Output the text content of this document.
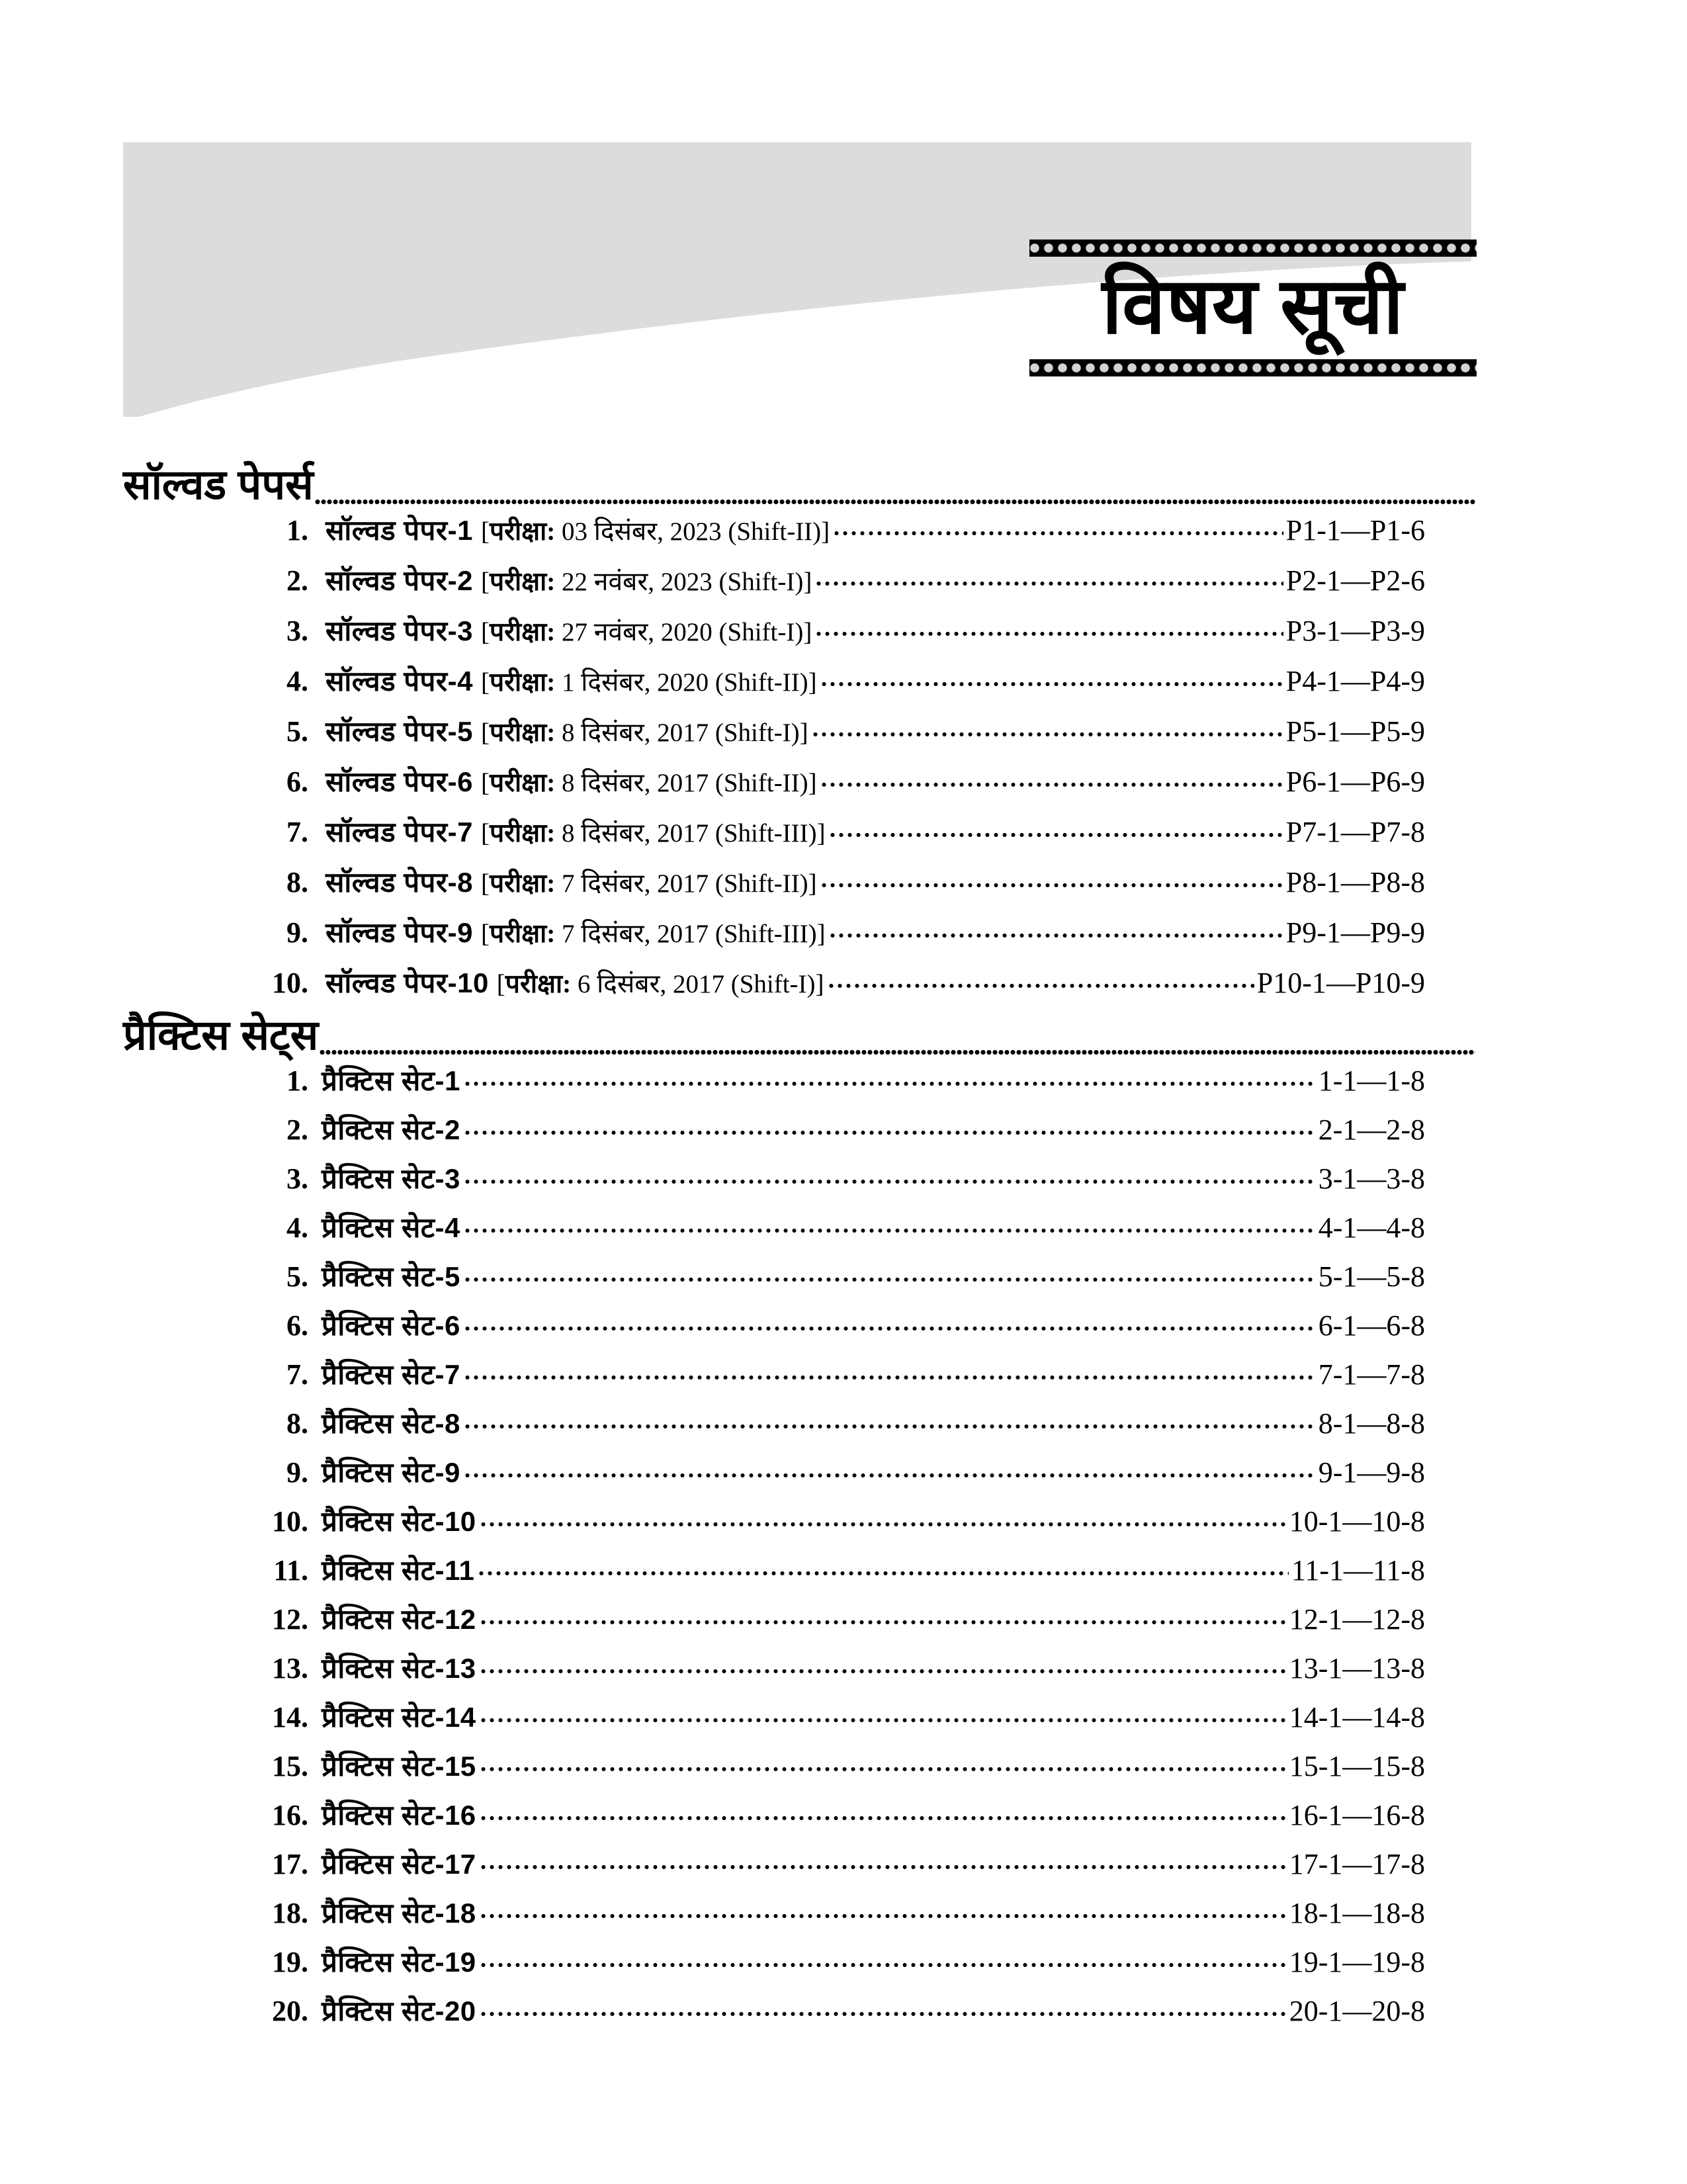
विषय सूची
सॉल्वड पेपर्स
1. सॉल्वड पेपर-1 [परीक्षा: 03 दिसंबर, 2023 (Shift-II)]	P1-1—P1-6
2. सॉल्वड पेपर-2 [परीक्षा: 22 नवंबर, 2023 (Shift-I)]	P2-1—P2-6
3. सॉल्वड पेपर-3 [परीक्षा: 27 नवंबर, 2020 (Shift-I)]	P3-1—P3-9
4. सॉल्वड पेपर-4 [परीक्षा: 1 दिसंबर, 2020 (Shift-II)]	P4-1—P4-9
5. सॉल्वड पेपर-5 [परीक्षा: 8 दिसंबर, 2017 (Shift-I)]	P5-1—P5-9
6. सॉल्वड पेपर-6 [परीक्षा: 8 दिसंबर, 2017 (Shift-II)]	P6-1—P6-9
7. सॉल्वड पेपर-7 [परीक्षा: 8 दिसंबर, 2017 (Shift-III)]	P7-1—P7-8
8. सॉल्वड पेपर-8 [परीक्षा: 7 दिसंबर, 2017 (Shift-II)]	P8-1—P8-8
9. सॉल्वड पेपर-9 [परीक्षा: 7 दिसंबर, 2017 (Shift-III)]	P9-1—P9-9
10. सॉल्वड पेपर-10 [परीक्षा: 6 दिसंबर, 2017 (Shift-I)]	P10-1—P10-9
प्रैक्टिस सेट्स
1. प्रैक्टिस सेट-1	1-1—1-8
2. प्रैक्टिस सेट-2	2-1—2-8
3. प्रैक्टिस सेट-3	3-1—3-8
4. प्रैक्टिस सेट-4	4-1—4-8
5. प्रैक्टिस सेट-5	5-1—5-8
6. प्रैक्टिस सेट-6	6-1—6-8
7. प्रैक्टिस सेट-7	7-1—7-8
8. प्रैक्टिस सेट-8	8-1—8-8
9. प्रैक्टिस सेट-9	9-1—9-8
10. प्रैक्टिस सेट-10	10-1—10-8
11. प्रैक्टिस सेट-11	11-1—11-8
12. प्रैक्टिस सेट-12	12-1—12-8
13. प्रैक्टिस सेट-13	13-1—13-8
14. प्रैक्टिस सेट-14	14-1—14-8
15. प्रैक्टिस सेट-15	15-1—15-8
16. प्रैक्टिस सेट-16	16-1—16-8
17. प्रैक्टिस सेट-17	17-1—17-8
18. प्रैक्टिस सेट-18	18-1—18-8
19. प्रैक्टिस सेट-19	19-1—19-8
20. प्रैक्टिस सेट-20	20-1—20-8
